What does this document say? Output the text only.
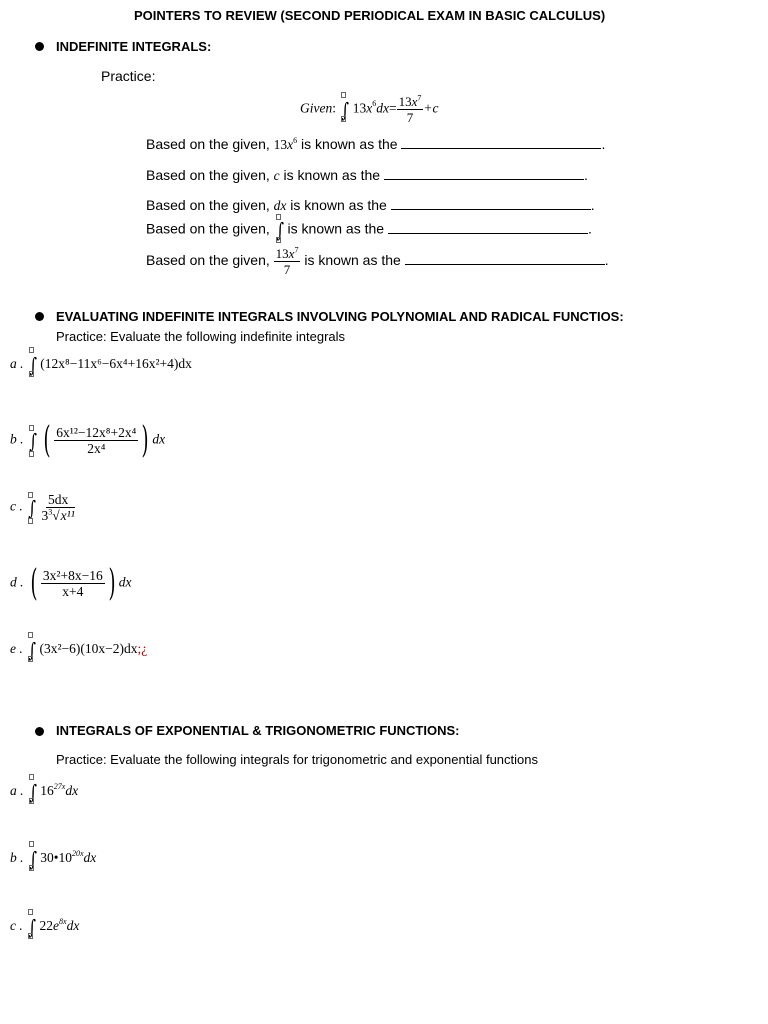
POINTERS TO REVIEW (SECOND PERIODICAL EXAM IN BASIC CALCULUS)
INDEFINITE INTEGRALS:
Practice:
Given: ∫ $13x^6dx= \frac{13x^7}{7} +c$
Based on the given, $13x^6$ is known as the	.
Based on the given, c is known as the	.
Based on the given, dx is known as the	.
Based on the given, ∫ is known as the	.
Based on the given, $\frac{13x^7}{7}$ is known as the	.
EVALUATING INDEFINITE INTEGRALS INVOLVING POLYNOMIAL AND RADICAL FUNCTIOS:
Practice: Evaluate the following indefinite integrals
a . ∫ (12x⁸−11x⁶−6x⁴+16x²+4)dx
b . ∫ ( $\frac{\text{6x¹²−12x⁸+2x⁴}}{\text{2x⁴}}$ ) dx
c . ∫
$\frac{5dx}{3^3√x^{11}}$
d . ( $\frac{\text{3x²+8x−16}}{x+4}$ ) dx
e . ∫ (3x²−6)(10x−2)dx;¿
INTEGRALS OF EXPONENTIAL & TRIGONOMETRIC FUNCTIONS:
Practice: Evaluate the following integrals for trigonometric and exponential functions
a . ∫ $16^{27x}dx$
b . ∫ $30•10^{20x}dx$
c . ∫ $22e^{8x}dx$
